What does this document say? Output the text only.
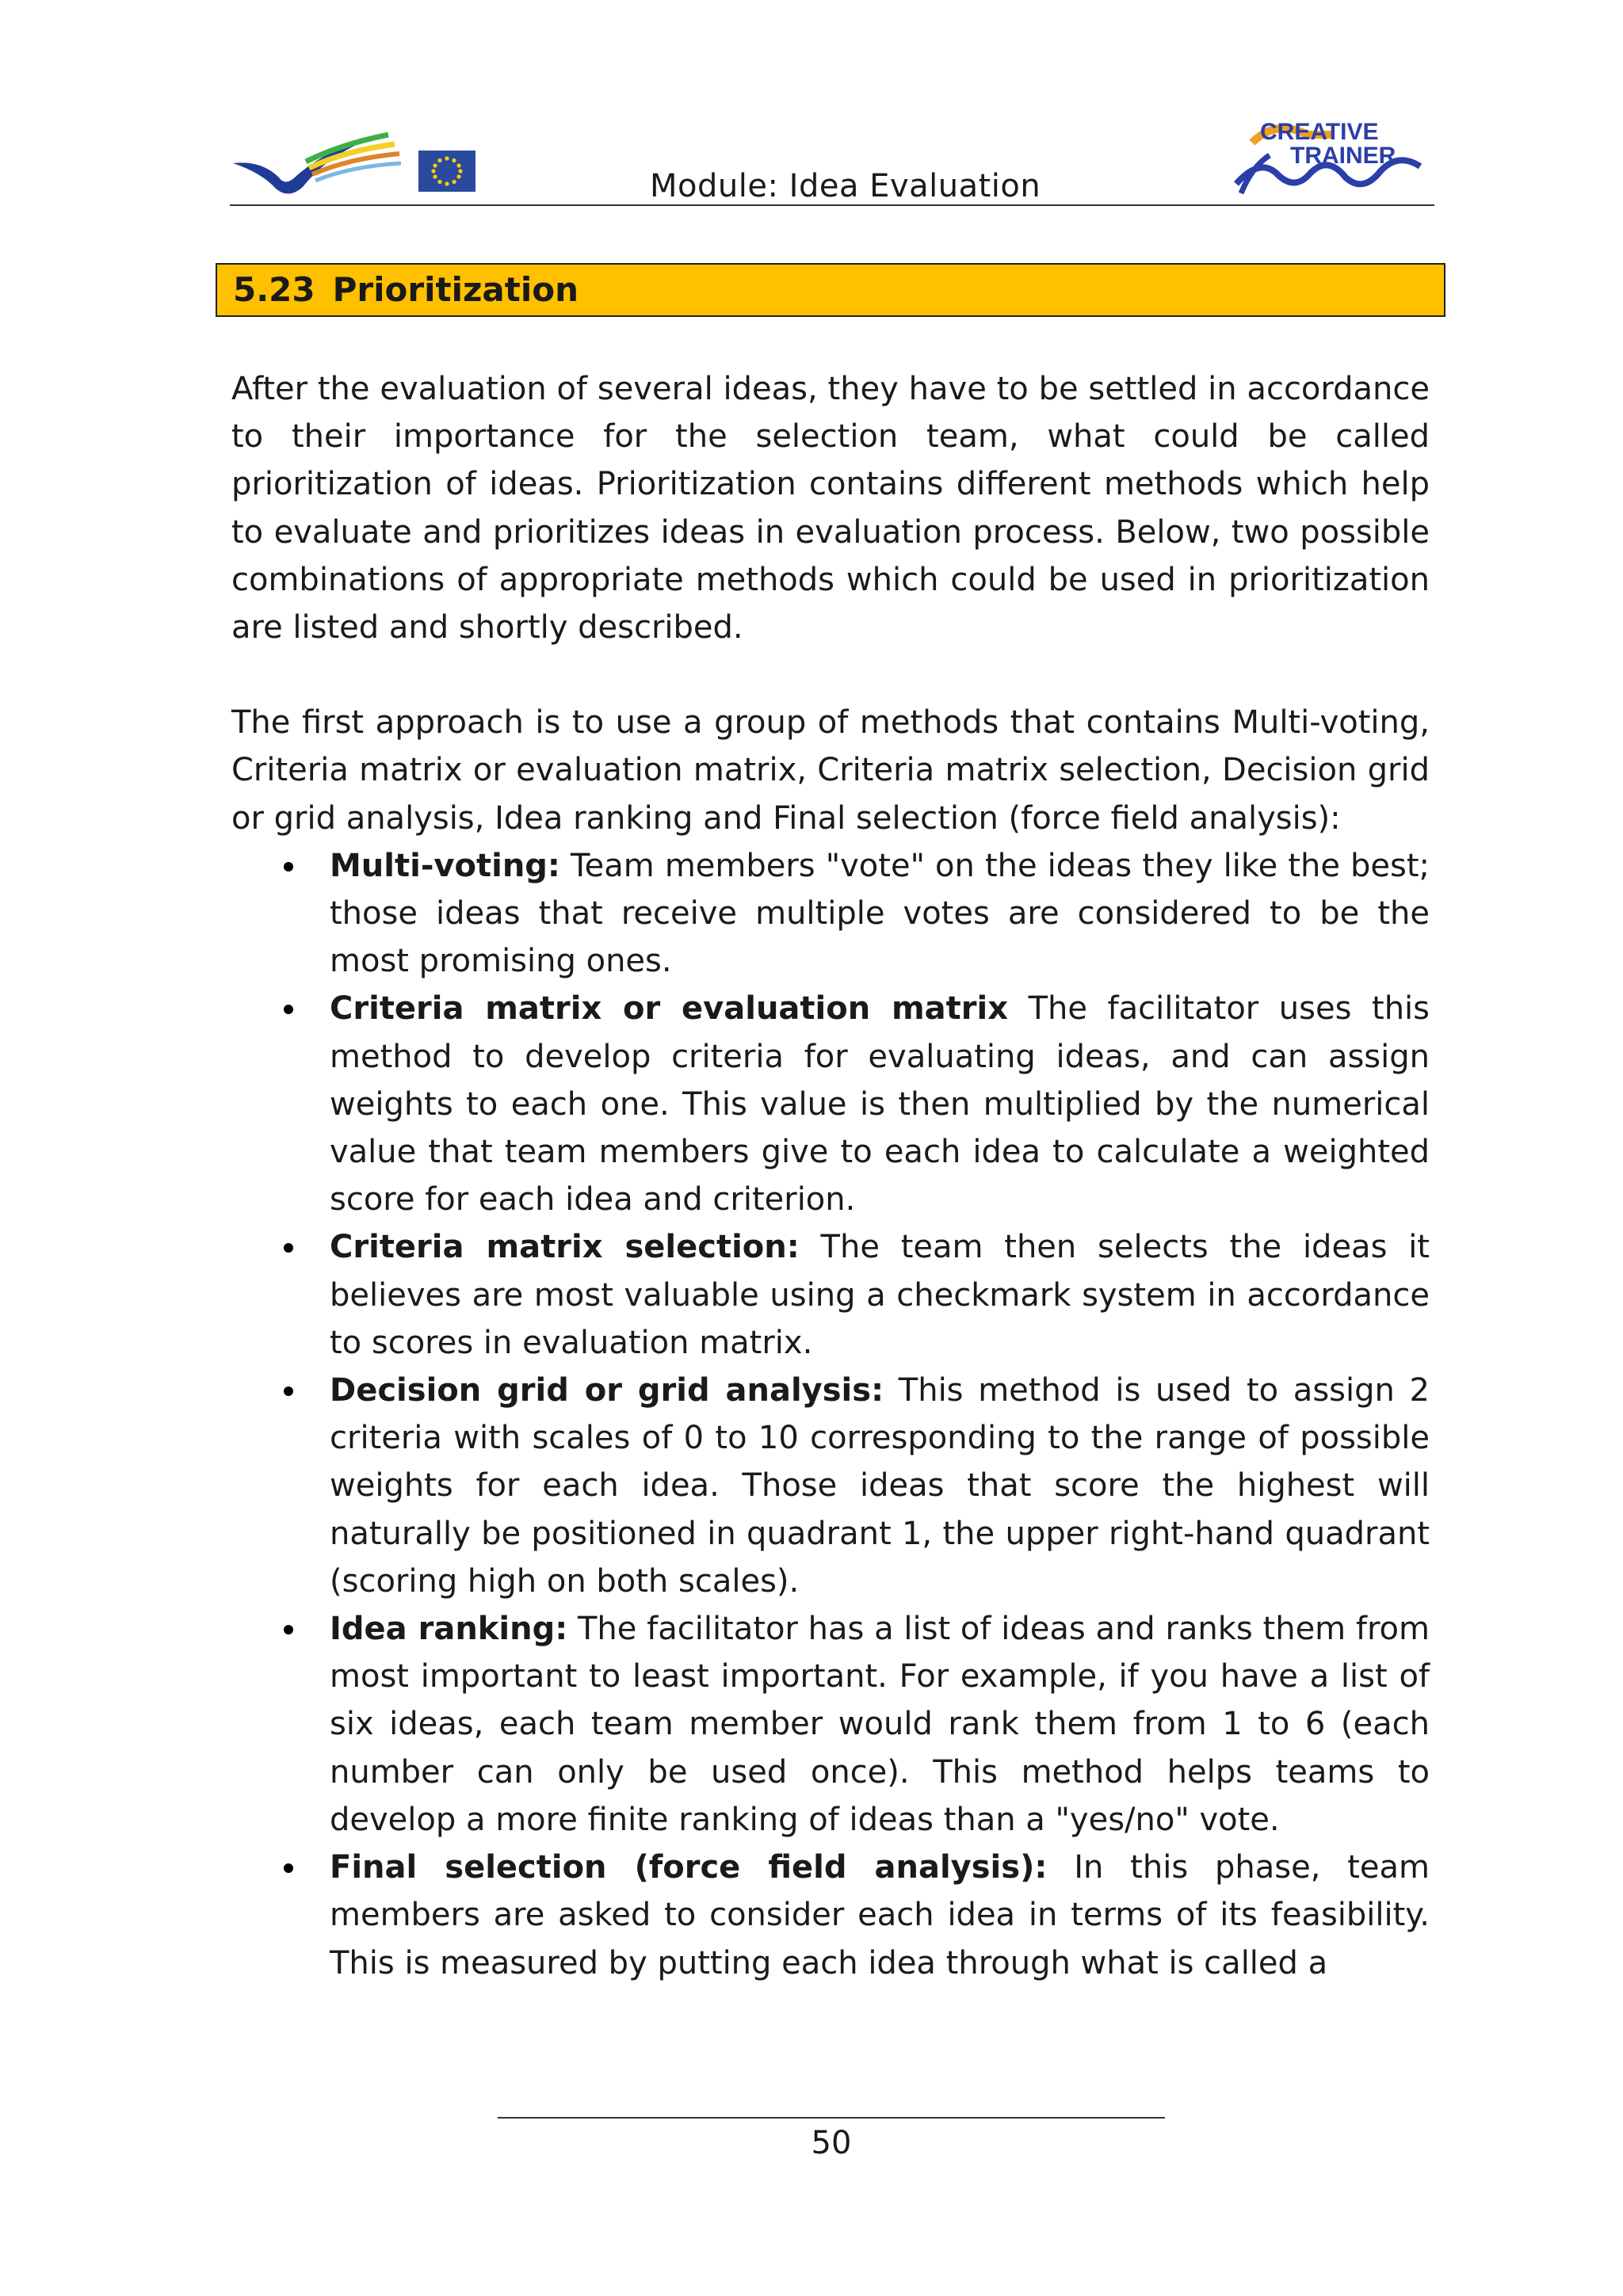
Module: Idea Evaluation
CREATIVE
TRAINER
5.23 Prioritization

After the evaluation of several ideas, they have to be settled in accordance to their importance for the selection team, what could be called prioritization of ideas. Prioritization contains different methods which help to evaluate and prioritizes ideas in evaluation process. Below, two possible combinations of appropriate methods which could be used in prioritization are listed and shortly described.

The first approach is to use a group of methods that contains Multi-voting, Criteria matrix or evaluation matrix, Criteria matrix selection, Decision grid or grid analysis, Idea ranking and Final selection (force field analysis):

Multi-voting: Team members "vote" on the ideas they like the best; those ideas that receive multiple votes are considered to be the most promising ones.
Criteria matrix or evaluation matrix The facilitator uses this method to develop criteria for evaluating ideas, and can assign weights to each one. This value is then multiplied by the numerical value that team members give to each idea to calculate a weighted score for each idea and criterion.
Criteria matrix selection: The team then selects the ideas it believes are most valuable using a checkmark system in accordance to scores in evaluation matrix.
Decision grid or grid analysis: This method is used to assign 2 criteria with scales of 0 to 10 corresponding to the range of possible weights for each idea. Those ideas that score the highest will naturally be positioned in quadrant 1, the upper right-hand quadrant (scoring high on both scales).
Idea ranking: The facilitator has a list of ideas and ranks them from most important to least important. For example, if you have a list of six ideas, each team member would rank them from 1 to 6 (each number can only be used once). This method helps teams to develop a more finite ranking of ideas than a "yes/no" vote.
Final selection (force field analysis): In this phase, team members are asked to consider each idea in terms of its feasibility. This is measured by putting each idea through what is called a
50
